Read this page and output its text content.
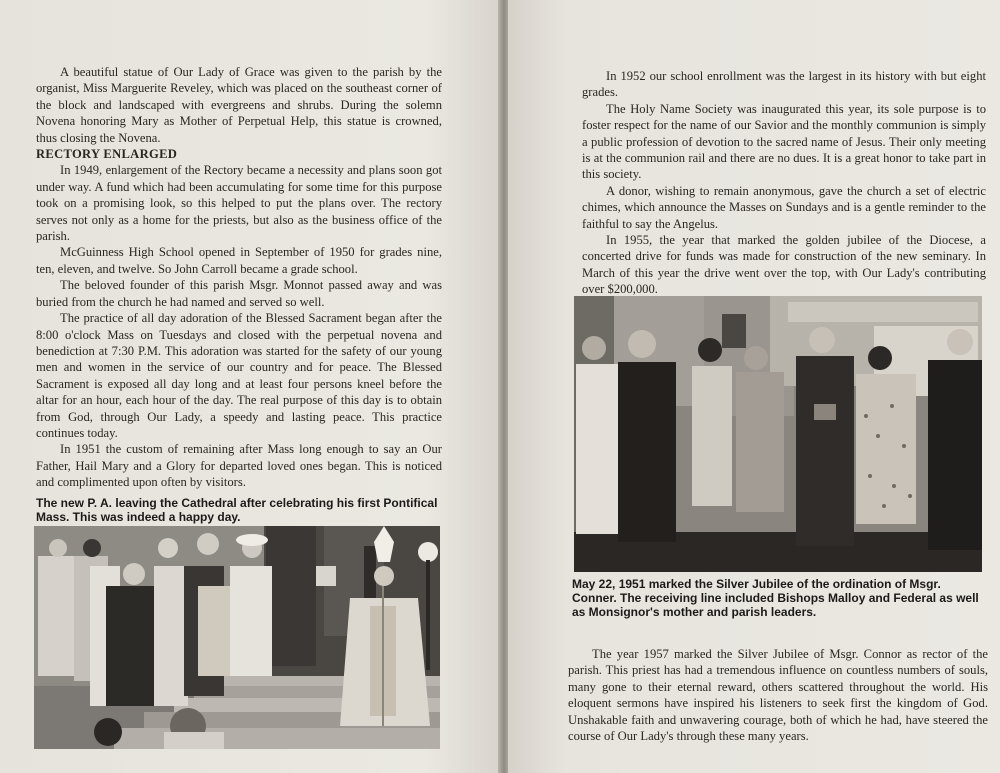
A beautiful statue of Our Lady of Grace was given to the parish by the organist, Miss Marguerite Reveley, which was placed on the southeast corner of the block and landscaped with evergreens and shrubs. During the solemn Novena honoring Mary as Mother of Perpetual Help, this statue is crowned, thus closing the Novena.

RECTORY ENLARGED

In 1949, enlargement of the Rectory became a necessity and plans soon got under way. A fund which had been accumulating for some time for this purpose took on a promising look, so this helped to put the plans over. The rectory serves not only as a home for the priests, but also as the business office of the parish.

McGuinness High School opened in September of 1950 for grades nine, ten, eleven, and twelve. So John Carroll became a grade school.

The beloved founder of this parish Msgr. Monnot passed away and was buried from the church he had named and served so well.

The practice of all day adoration of the Blessed Sacrament began after the 8:00 o'clock Mass on Tuesdays and closed with the perpetual novena and benediction at 7:30 P.M. This adoration was started for the safety of our young men and women in the service of our country and for peace. The Blessed Sacrament is exposed all day long and at least four persons kneel before the altar for an hour, each hour of the day. The real purpose of this day is to obtain from God, through Our Lady, a speedy and lasting peace. This practice continues today.

In 1951 the custom of remaining after Mass long enough to say an Our Father, Hail Mary and a Glory for departed loved ones began. This is noticed and complimented upon often by visitors.

The new P. A. leaving the Cathedral after celebrating his first Pontifical Mass. This was indeed a happy day.

In 1952 our school enrollment was the largest in its history with but eight grades.

The Holy Name Society was inaugurated this year, its sole purpose is to foster respect for the name of our Savior and the monthly communion is simply a public profession of devotion to the sacred name of Jesus. Their only meeting is at the communion rail and there are no dues. It is a great honor to take part in this society.

A donor, wishing to remain anonymous, gave the church a set of electric chimes, which announce the Masses on Sundays and is a gentle reminder to the faithful to say the Angelus.

In 1955, the year that marked the golden jubilee of the Diocese, a concerted drive for funds was made for construction of the new seminary. In March of this year the drive went over the top, with Our Lady's contributing over $200,000.

May 22, 1951 marked the Silver Jubilee of the ordination of Msgr. Conner. The receiving line included Bishops Malloy and Federal as well as Monsignor's mother and parish leaders.

The year 1957 marked the Silver Jubilee of Msgr. Connor as rector of the parish. This priest has had a tremendous influence on countless numbers of souls, many gone to their eternal reward, others scattered throughout the world. His eloquent sermons have inspired his listeners to seek first the kingdom of God. Unshakable faith and unwavering courage, both of which he had, have steered the course of Our Lady's through these many years.
